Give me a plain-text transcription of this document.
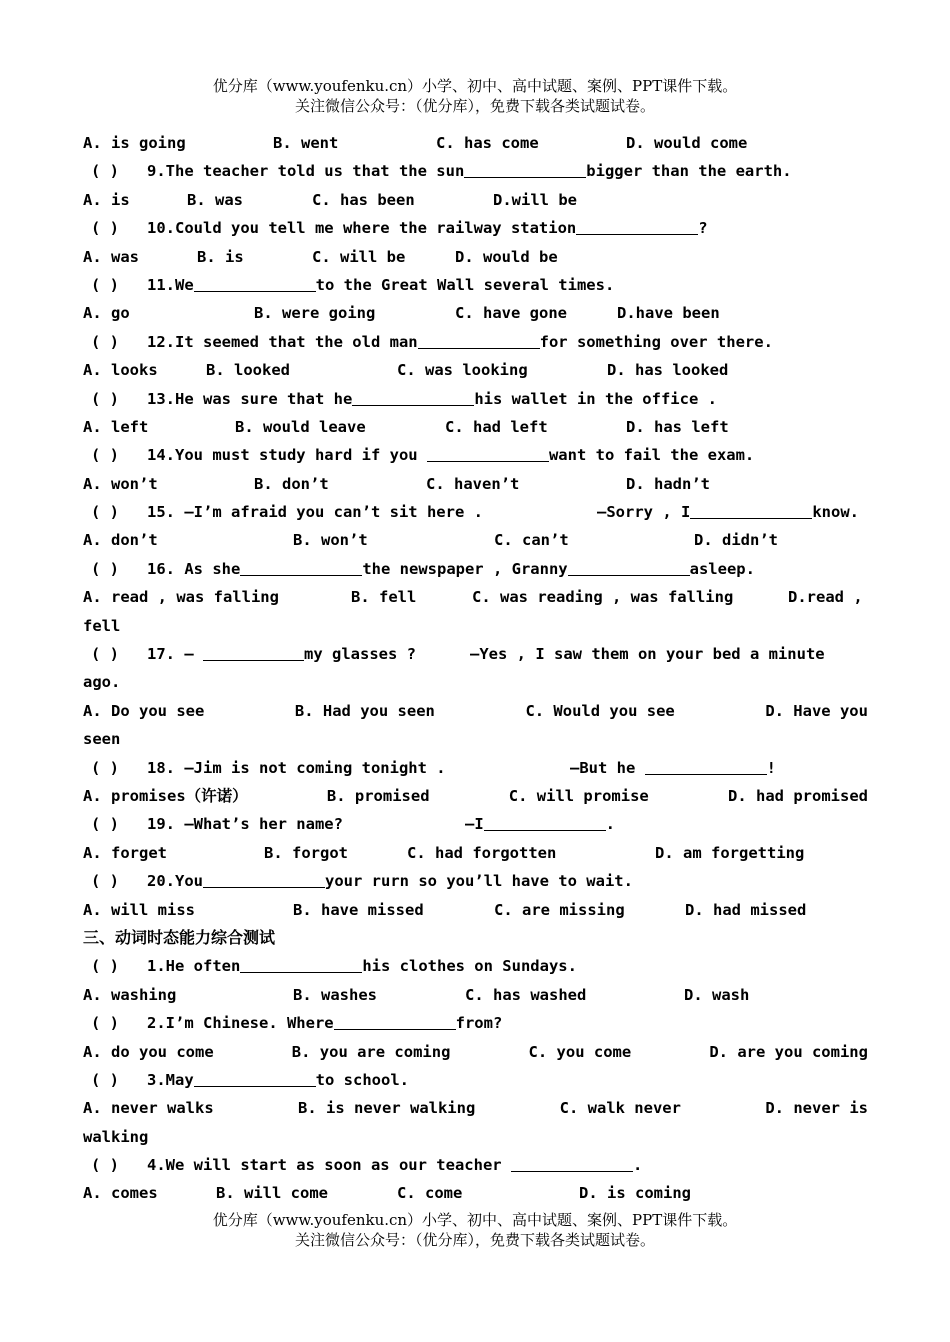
优分库（www.youfenku.cn）小学、初中、高中试题、案例、PPT课件下载。
关注微信公众号：（优分库），免费下载各类试题试卷。
A. is going	B. went	C. has come	D. would come
( ) 9.The teacher told us that the sun	bigger than the earth.
A. is	B. was	C. has been	D.will be
( ) 10.Could you tell me where the railway station	?
A. was	B. is	C. will be	D. would be
( ) 11.We	to the Great Wall several times.
A. go	B. were going	C. have gone	D.have been
( ) 12.It seemed that the old man	for something over there.
A. looks	B. looked	C. was looking	D. has looked
( ) 13.He was sure that he	his wallet in the office .
A. left	B. would leave	C. had left	D. has left
( ) 14.You must study hard if you	want to fail the exam.
A. won’t	B. don’t	C. haven’t	D. hadn’t
( ) 15. —I’m afraid you can’t sit here .	—Sorry , I	know.
A. don’t	B. won’t	C. can’t	D. didn’t
( ) 16. As she	the newspaper , Granny	asleep.
A. read , was falling	B. fell	C. was reading , was falling	D.read ,
fell
( ) 17. —	my glasses ?	—Yes , I saw them on your bed a minute
ago.
A. Do you see	B. Had you seen	C. Would you see	D. Have you
seen
( ) 18. —Jim is not coming tonight .	—But he	!
A. promises（许诺）	B. promised	C. will promise	D. had promised
( ) 19. —What’s her name?	—I	.
A. forget	B. forgot	C. had forgotten	D. am forgetting
( ) 20.You	your rurn so you’ll have to wait.
A. will miss	B. have missed	C. are missing	D. had missed
三、动词时态能力综合测试
( ) 1.He often	his clothes on Sundays.
A. washing	B. washes	C. has washed	D. wash
( ) 2.I’m Chinese. Where	from?
A. do you come	B. you are coming	C. you come	D. are you coming
( ) 3.May	to school.
A. never walks	B. is never walking	C. walk never	D. never is
walking
( ) 4.We will start as soon as our teacher	.
A. comes	B. will come	C. come	D. is coming
优分库（www.youfenku.cn）小学、初中、高中试题、案例、PPT课件下载。
关注微信公众号：（优分库），免费下载各类试题试卷。
